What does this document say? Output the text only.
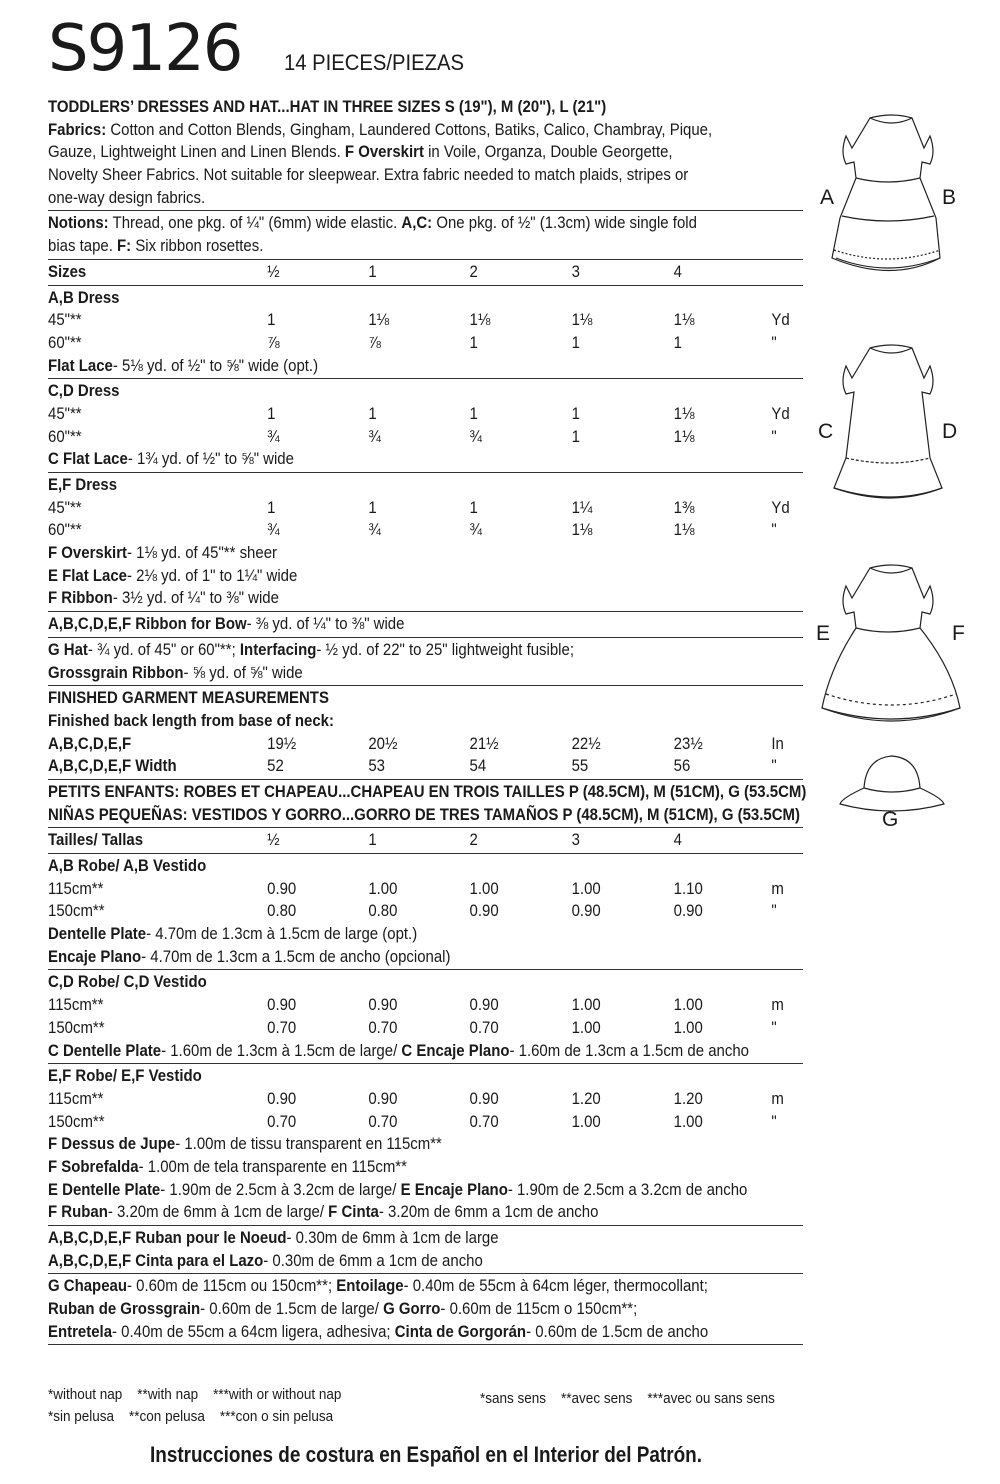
S9126 14 PIECES/PIEZAS
TODDLERS’ DRESSES AND HAT...HAT IN THREE SIZES S (19"), M (20"), L (21")
Fabrics: Cotton and Cotton Blends, Gingham, Laundered Cottons, Batiks, Calico, Chambray, Pique,
Gauze, Lightweight Linen and Linen Blends. F Overskirt in Voile, Organza, Double Georgette,
Novelty Sheer Fabrics. Not suitable for sleepwear. Extra fabric needed to match plaids, stripes or
one-way design fabrics.
Notions: Thread, one pkg. of ¼" (6mm) wide elastic. A,C: One pkg. of ½" (1.3cm) wide single fold
bias tape. F: Six ribbon rosettes.
Sizes	½	1	2	3	4
A,B Dress
45"**	1	1⅛	1⅛	1⅛	1⅛	Yd
60"**	⅞	⅞	1	1	1	"
Flat Lace- 5⅛ yd. of ½" to ⅝" wide (opt.)
C,D Dress
45"**	1	1	1	1	1⅛	Yd
60"**	¾	¾	¾	1	1⅛	"
C Flat Lace- 1¾ yd. of ½" to ⅝" wide
E,F Dress
45"**	1	1	1	1¼	1⅜	Yd
60"**	¾	¾	¾	1⅛	1⅛	"
F Overskirt- 1⅛ yd. of 45"** sheer
E Flat Lace- 2⅛ yd. of 1" to 1¼" wide
F Ribbon- 3½ yd. of ¼" to ⅜" wide
A,B,C,D,E,F Ribbon for Bow- ⅜ yd. of ¼" to ⅜" wide
G Hat- ¾ yd. of 45" or 60"**; Interfacing- ½ yd. of 22" to 25" lightweight fusible;
Grossgrain Ribbon- ⅝ yd. of ⅝" wide
FINISHED GARMENT MEASUREMENTS
Finished back length from base of neck:
A,B,C,D,E,F	19½	20½	21½	22½	23½	In
A,B,C,D,E,F Width	52	53	54	55	56	"
PETITS ENFANTS: ROBES ET CHAPEAU...CHAPEAU EN TROIS TAILLES P (48.5CM), M (51CM), G (53.5CM)
NIÑAS PEQUEÑAS: VESTIDOS Y GORRO...GORRO DE TRES TAMAÑOS P (48.5CM), M (51CM), G (53.5CM)
Tailles/ Tallas	½	1	2	3	4
A,B Robe/ A,B Vestido
115cm**	0.90	1.00	1.00	1.00	1.10	m
150cm**	0.80	0.80	0.90	0.90	0.90	"
Dentelle Plate- 4.70m de 1.3cm à 1.5cm de large (opt.)
Encaje Plano- 4.70m de 1.3cm a 1.5cm de ancho (opcional)
C,D Robe/ C,D Vestido
115cm**	0.90	0.90	0.90	1.00	1.00	m
150cm**	0.70	0.70	0.70	1.00	1.00	"
C Dentelle Plate- 1.60m de 1.3cm à 1.5cm de large/ C Encaje Plano- 1.60m de 1.3cm a 1.5cm de ancho
E,F Robe/ E,F Vestido
115cm**	0.90	0.90	0.90	1.20	1.20	m
150cm**	0.70	0.70	0.70	1.00	1.00	"
F Dessus de Jupe- 1.00m de tissu transparent en 115cm**
F Sobrefalda- 1.00m de tela transparente en 115cm**
E Dentelle Plate- 1.90m de 2.5cm à 3.2cm de large/ E Encaje Plano- 1.90m de 2.5cm a 3.2cm de ancho
F Ruban- 3.20m de 6mm à 1cm de large/ F Cinta- 3.20m de 6mm a 1cm de ancho
A,B,C,D,E,F Ruban pour le Noeud- 0.30m de 6mm à 1cm de large
A,B,C,D,E,F Cinta para el Lazo- 0.30m de 6mm a 1cm de ancho
G Chapeau- 0.60m de 115cm ou 150cm**; Entoilage- 0.40m de 55cm à 64cm léger, thermocollant;
Ruban de Grossgrain- 0.60m de 1.5cm de large/ G Gorro- 0.60m de 115cm o 150cm**;
Entretela- 0.40m de 55cm a 64cm ligera, adhesiva; Cinta de Gorgorán- 0.60m de 1.5cm de ancho
*without nap    **with nap    ***with or without nap
*sin pelusa    **con pelusa    ***con o sin pelusa
*sans sens    **avec sens    ***avec ou sans sens
Instrucciones de costura en Español en el Interior del Patrón.
A	B
C	D
E	F
G
